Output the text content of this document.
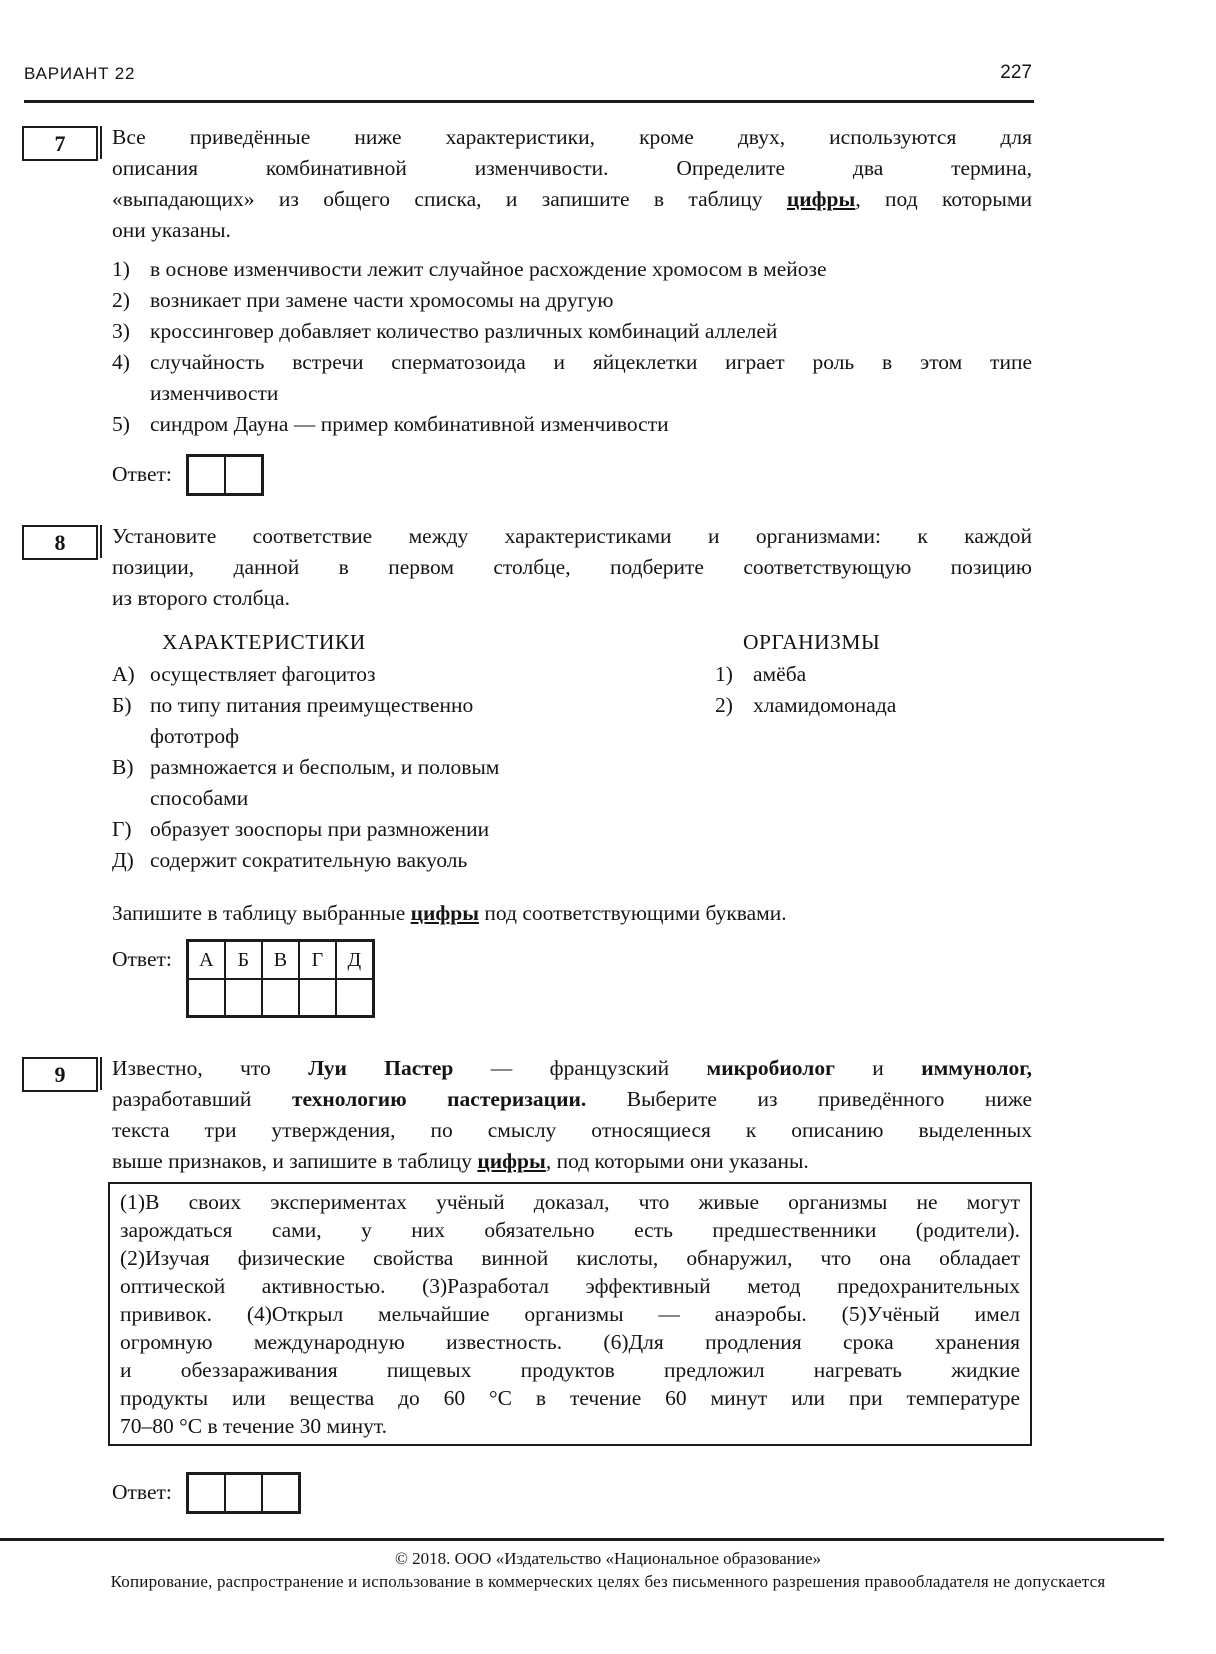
ВАРИАНТ 22	227
7 Все приведённые ниже характеристики, кроме двух, используются для
описания комбинативной изменчивости. Определите два термина,
«выпадающих» из общего списка, и запишите в таблицу цифры, под которыми
они указаны.
1) в основе изменчивости лежит случайное расхождение хромосом в мейозе
2) возникает при замене части хромосомы на другую
3) кроссинговер добавляет количество различных комбинаций аллелей
4) случайность встречи сперматозоида и яйцеклетки играет роль в этом типе
изменчивости
5) синдром Дауна — пример комбинативной изменчивости
Ответ:
8 Установите соответствие между характеристиками и организмами: к каждой
позиции, данной в первом столбце, подберите соответствующую позицию
из второго столбца.
ХАРАКТЕРИСТИКИ	ОРГАНИЗМЫ
А) осуществляет фагоцитоз
Б) по типу питания преимущественно
фототроф
В) размножается и бесполым, и половым
способами
Г) образует зооспоры при размножении
Д) содержит сократительную вакуоль
1) амёба
2) хламидомонада
Запишите в таблицу выбранные цифры под соответствующими буквами.
Ответ:	А	Б	В	Г	Д
9 Известно, что Луи Пастер — французский микробиолог и иммунолог,
разработавший технологию пастеризации. Выберите из приведённого ниже
текста три утверждения, по смыслу относящиеся к описанию выделенных
выше признаков, и запишите в таблицу цифры, под которыми они указаны.
(1)В своих экспериментах учёный доказал, что живые организмы не могут
зарождаться сами, у них обязательно есть предшественники (родители).
(2)Изучая физические свойства винной кислоты, обнаружил, что она обладает
оптической активностью. (3)Разработал эффективный метод предохранительных
прививок. (4)Открыл мельчайшие организмы — анаэробы. (5)Учёный имел
огромную международную известность. (6)Для продления срока хранения
и обеззараживания пищевых продуктов предложил нагревать жидкие
продукты или вещества до 60 °С в течение 60 минут или при температуре
70–80 °С в течение 30 минут.
Ответ:
© 2018. ООО «Издательство «Национальное образование»
Копирование, распространение и использование в коммерческих целях без письменного разрешения правообладателя не допускается
